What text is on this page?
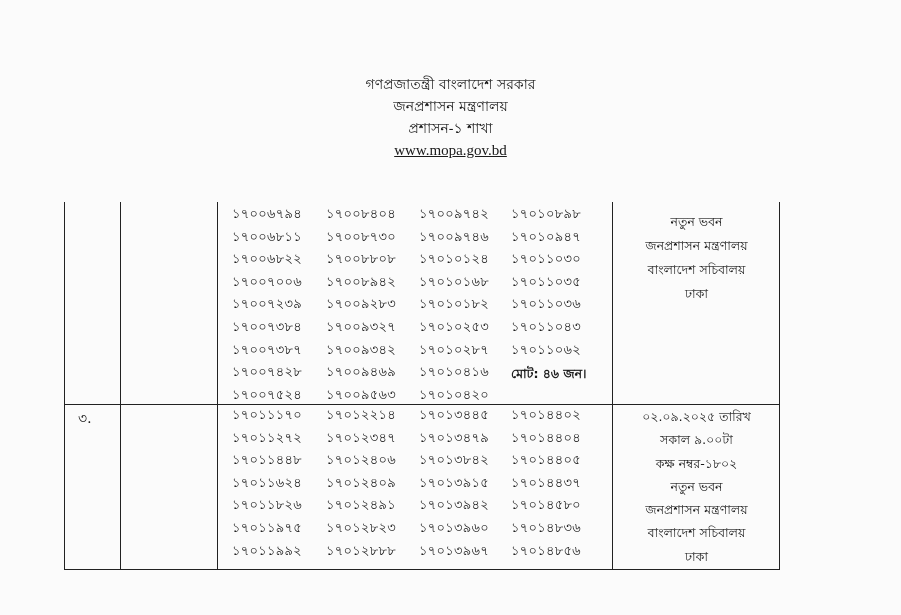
গণপ্রজাতন্ত্রী বাংলাদেশ সরকার
জনপ্রশাসন মন্ত্রণালয়
প্রশাসন-১ শাখা
www.mopa.gov.bd
১৭০০৬৭৯৪
১৭০০৬৮১১
১৭০০৬৮২২
১৭০০৭০০৬
১৭০০৭২৩৯
১৭০০৭৩৮৪
১৭০০৭৩৮৭
১৭০০৭৪২৮
১৭০০৭৫২৪
১৭০০৮৪০৪
১৭০০৮৭৩০
১৭০০৮৮০৮
১৭০০৮৯৪২
১৭০০৯২৮৩
১৭০০৯৩২৭
১৭০০৯৩৪২
১৭০০৯৪৬৯
১৭০০৯৫৬৩
১৭০০৯৭৪২
১৭০০৯৭৪৬
১৭০১০১২৪
১৭০১০১৬৮
১৭০১০১৮২
১৭০১০২৫৩
১৭০১০২৮৭
১৭০১০৪১৬
১৭০১০৪২০
১৭০১০৮৯৮
১৭০১০৯৪৭
১৭০১১০৩০
১৭০১১০৩৫
১৭০১১০৩৬
১৭০১১০৪৩
১৭০১১০৬২
মোট: ৪৬ জন।
নতুন ভবন
জনপ্রশাসন মন্ত্রণালয়
বাংলাদেশ সচিবালয়
ঢাকা
৩.	১৭০১১১৭০
১৭০১১২৭২
১৭০১১৪৪৮
১৭০১১৬২৪
১৭০১১৮২৬
১৭০১১৯৭৫
১৭০১১৯৯২
১৭০১২২১৪
১৭০১২৩৪৭
১৭০১২৪০৬
১৭০১২৪০৯
১৭০১২৪৯১
১৭০১২৮২৩
১৭০১২৮৮৮
১৭০১৩৪৪৫
১৭০১৩৪৭৯
১৭০১৩৮৪২
১৭০১৩৯১৫
১৭০১৩৯৪২
১৭০১৩৯৬০
১৭০১৩৯৬৭
১৭০১৪৪০২
১৭০১৪৪০৪
১৭০১৪৪০৫
১৭০১৪৪৩৭
১৭০১৪৫৮০
১৭০১৪৮৩৬
১৭০১৪৮৫৬
০২.০৯.২০২৫ তারিখ
সকাল ৯.০০টা
কক্ষ নম্বর-১৮০২
নতুন ভবন
জনপ্রশাসন মন্ত্রণালয়
বাংলাদেশ সচিবালয়
ঢাকা
